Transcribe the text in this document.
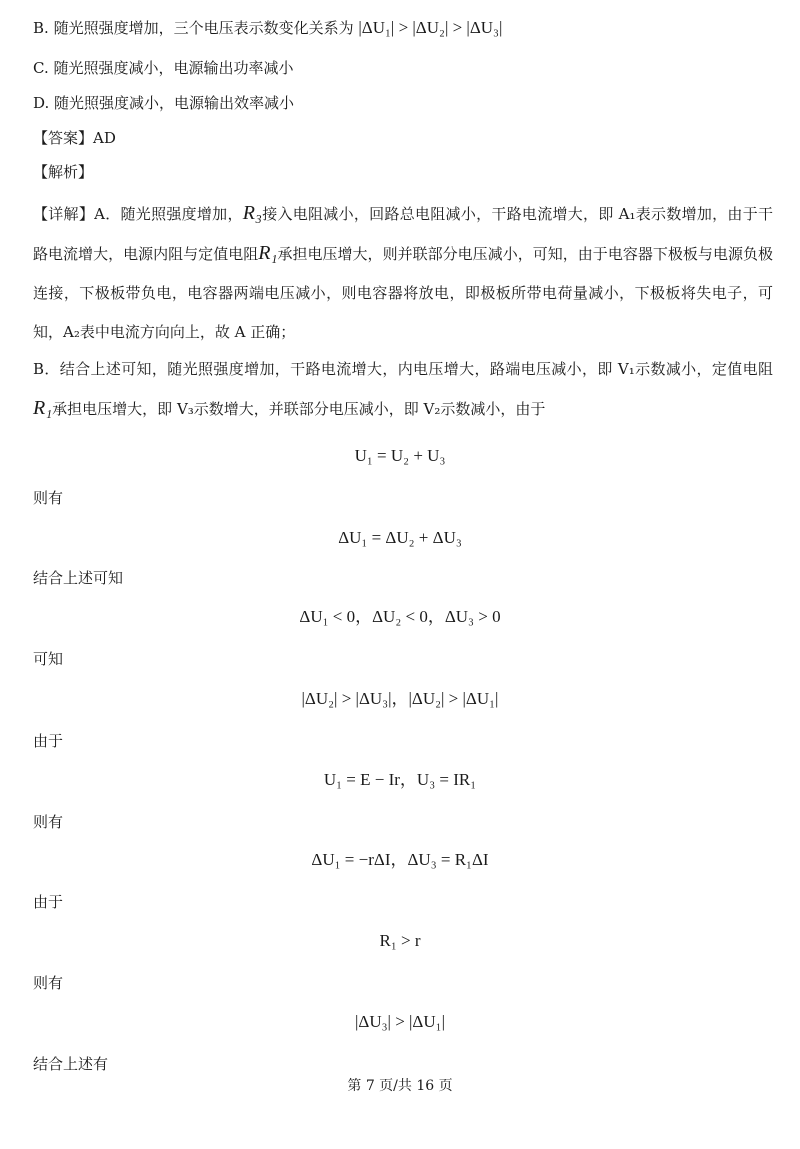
B. 随光照强度增加，三个电压表示数变化关系为 |ΔU₁| > |ΔU₂| > |ΔU₃|
C. 随光照强度减小，电源输出功率减小
D. 随光照强度减小，电源输出效率减小
【答案】AD
【解析】
【详解】A．随光照强度增加，R₃接入电阻减小，回路总电阻减小，干路电流增大，即 A₁表示数增加，由于干路电流增大，电源内阻与定值电阻R₁承担电压增大，则并联部分电压减小，可知，由于电容器下极板与电源负极连接，下极板带负电，电容器两端电压减小，则电容器将放电，即极板所带电荷量减小，下极板将失电子，可知，A₂表中电流方向向上，故 A 正确；
B．结合上述可知，随光照强度增加，干路电流增大，内电压增大，路端电压减小，即 V₁示数减小，定值电阻R₁承担电压增大，即 V₃示数增大，并联部分电压减小，即 V₂示数减小，由于
U₁ = U₂ + U₃
则有
ΔU₁ = ΔU₂ + ΔU₃
结合上述可知
ΔU₁ < 0，ΔU₂ < 0，ΔU₃ > 0
可知
|ΔU₂| > |ΔU₃|，|ΔU₂| > |ΔU₁|
由于
U₁ = E − Ir，U₃ = IR₁
则有
ΔU₁ = −rΔI，ΔU₃ = R₁ΔI
由于
R₁ > r
则有
|ΔU₃| > |ΔU₁|
结合上述有
第 7 页/共 16 页
